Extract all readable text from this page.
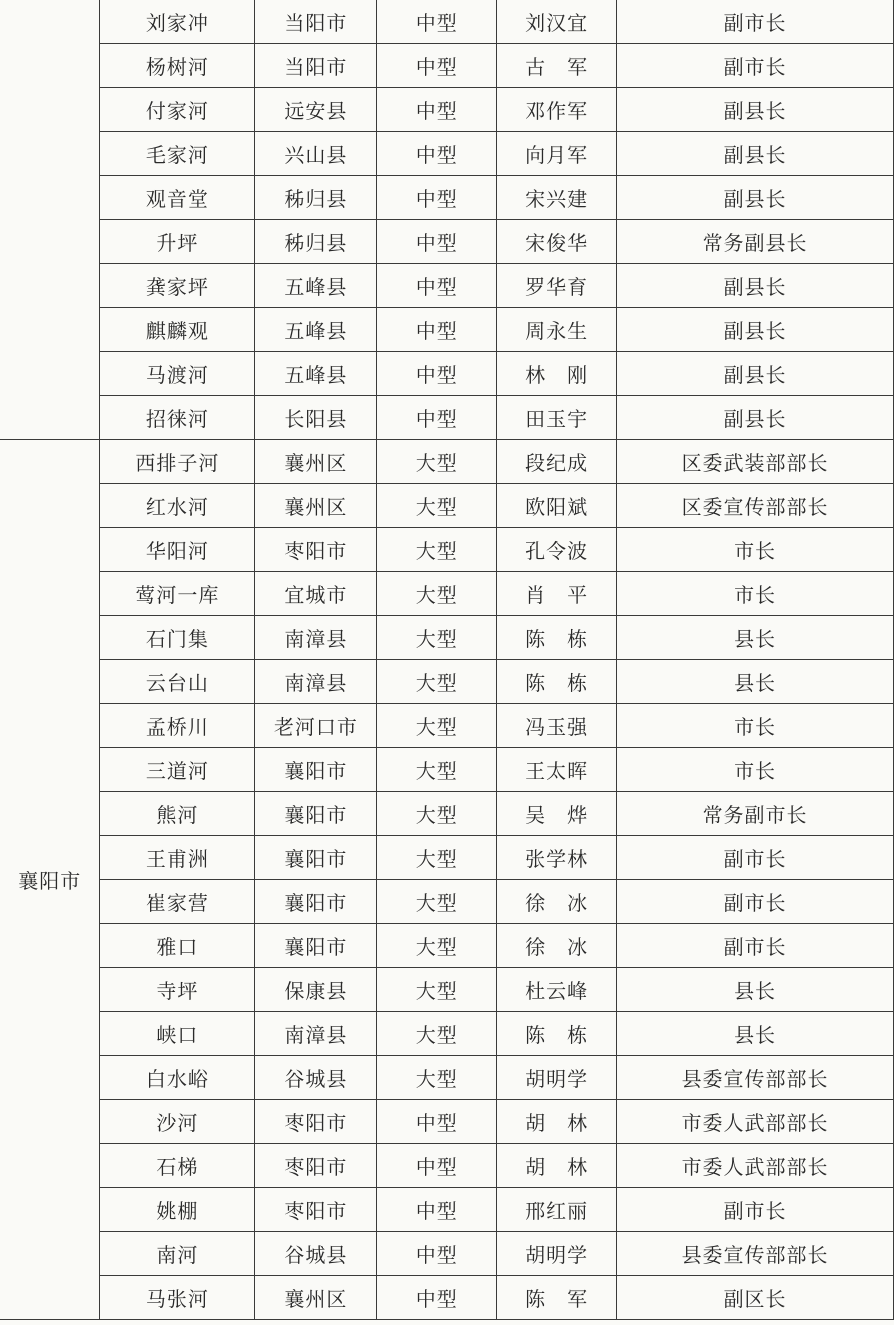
	刘家冲	当阳市	中型	刘汉宜	副市长
	杨树河	当阳市	中型	古　军	副市长
	付家河	远安县	中型	邓作军	副县长
	毛家河	兴山县	中型	向月军	副县长
	观音堂	秭归县	中型	宋兴建	副县长
	升坪	秭归县	中型	宋俊华	常务副县长
	龚家坪	五峰县	中型	罗华育	副县长
	麒麟观	五峰县	中型	周永生	副县长
	马渡河	五峰县	中型	林　刚	副县长
	招徕河	长阳县	中型	田玉宇	副县长
襄阳市	西排子河	襄州区	大型	段纪成	区委武装部部长
	红水河	襄州区	大型	欧阳斌	区委宣传部部长
	华阳河	枣阳市	大型	孔令波	市长
	莺河一库	宜城市	大型	肖　平	市长
	石门集	南漳县	大型	陈　栋	县长
	云台山	南漳县	大型	陈　栋	县长
	孟桥川	老河口市	大型	冯玉强	市长
	三道河	襄阳市	大型	王太晖	市长
	熊河	襄阳市	大型	吴　烨	常务副市长
	王甫洲	襄阳市	大型	张学林	副市长
	崔家营	襄阳市	大型	徐　冰	副市长
	雅口	襄阳市	大型	徐　冰	副市长
	寺坪	保康县	大型	杜云峰	县长
	峡口	南漳县	大型	陈　栋	县长
	白水峪	谷城县	大型	胡明学	县委宣传部部长
	沙河	枣阳市	中型	胡　林	市委人武部部长
	石梯	枣阳市	中型	胡　林	市委人武部部长
	姚棚	枣阳市	中型	邢红丽	副市长
	南河	谷城县	中型	胡明学	县委宣传部部长
	马张河	襄州区	中型	陈　军	副区长
